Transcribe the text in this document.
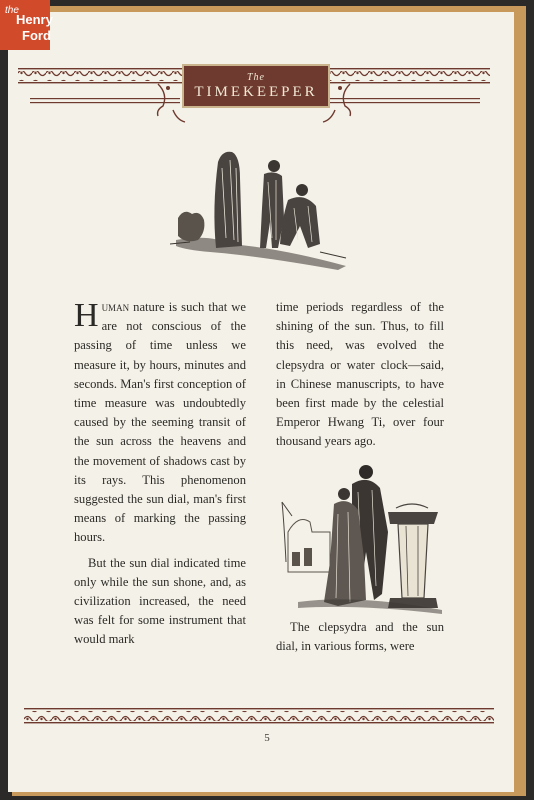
the
Henry
Ford
The
TIMEKEEPER
Human nature is such that we are not conscious of the passing of time unless we measure it, by hours, minutes and seconds. Man's first conception of time measure was undoubtedly caused by the seeming transit of the sun across the heavens and the movement of shadows cast by its rays. This phenomenon suggested the sun dial, man's first means of marking the passing hours.
But the sun dial indicated time only while the sun shone, and, as civilization increased, the need was felt for some instrument that would mark
time periods regardless of the shining of the sun. Thus, to fill this need, was evolved the clepsydra or water clock—said, in Chinese manuscripts, to have been first made by the celestial Emperor Hwang Ti, over four thousand years ago.
The clepsydra and the sun dial, in various forms, were
5
